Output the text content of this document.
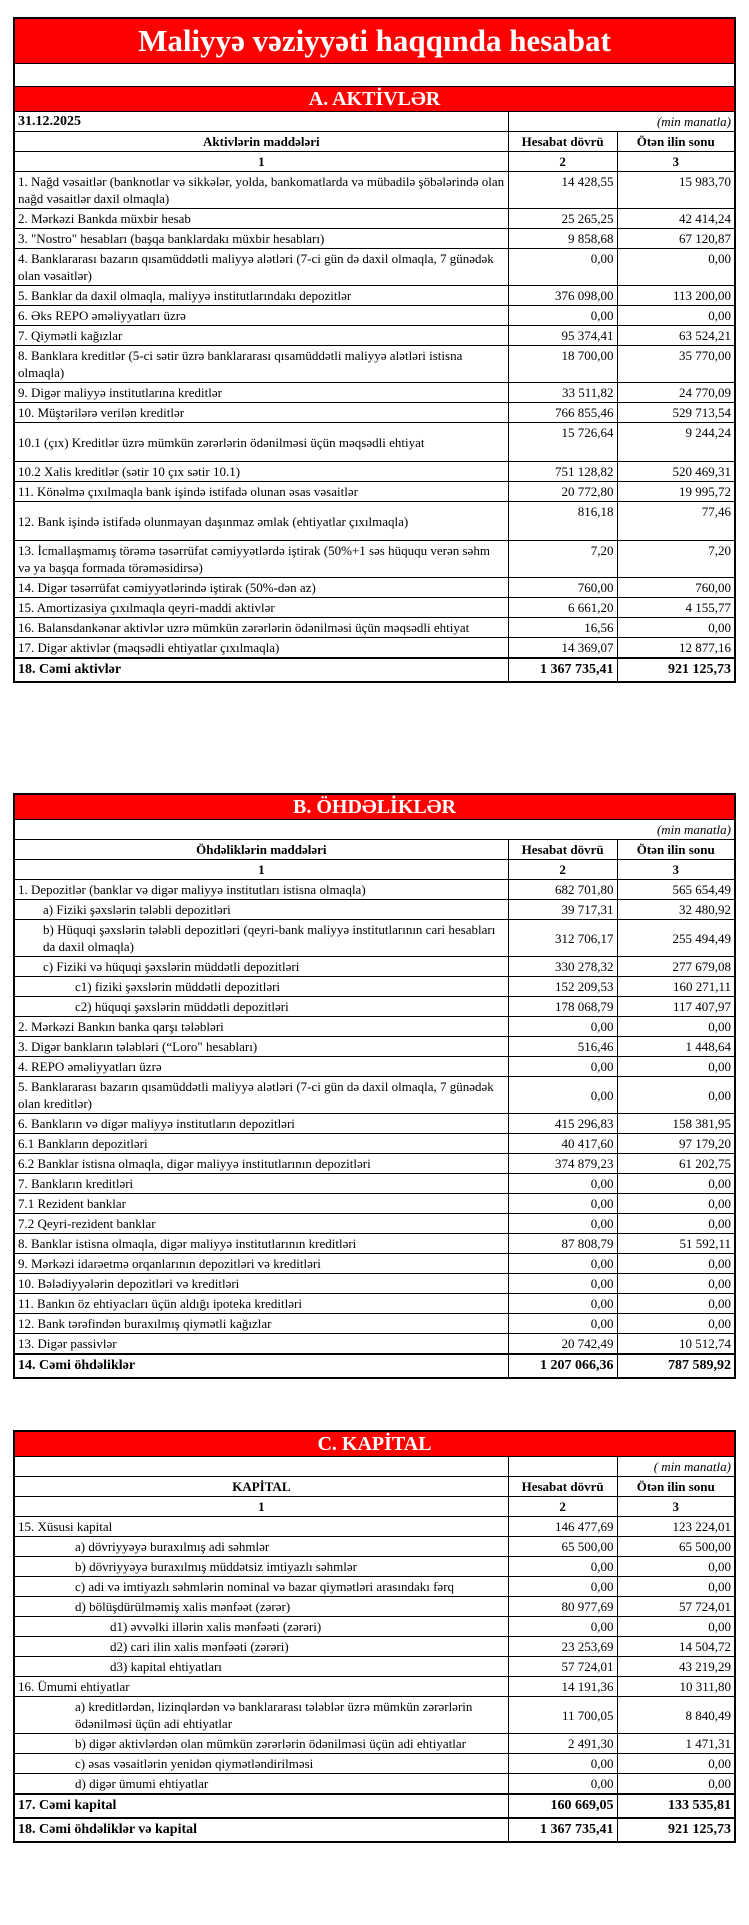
Maliyyə vəziyyəti haqqında hesabat		

A. AKTİVLƏR		
31.12.2025	(min manatla)	
Aktivlərin maddələri	Hesabat dövrü	Ötən ilin sonu
1	2	3
1. Nağd vəsaitlər (banknotlar və sikkələr, yolda, bankomatlarda və mübadilə şöbələrində olan nağd vəsaitlər daxil olmaqla)	14 428,55	15 983,70
2. Mərkəzi Bankda müxbir hesab	25 265,25	42 414,24
3. "Nostro" hesabları (başqa banklardakı müxbir hesabları)	9 858,68	67 120,87
4. Banklararası bazarın qısamüddətli maliyyə alətləri (7-ci gün də daxil olmaqla, 7 günədək olan vəsaitlər)	0,00	0,00
5. Banklar da daxil olmaqla, maliyyə institutlarındakı depozitlər	376 098,00	113 200,00
6. Əks REPO əməliyyatları üzrə	0,00	0,00
7. Qiymətli kağızlar	95 374,41	63 524,21
8. Banklara kreditlər (5-ci sətir üzrə banklararası qısamüddətli maliyyə alətləri istisna olmaqla)	18 700,00	35 770,00
9. Digər maliyyə institutlarına kreditlər	33 511,82	24 770,09
10. Müştərilərə verilən kreditlər	766 855,46	529 713,54
10.1 (çıx) Kreditlər üzrə mümkün zərərlərin ödənilməsi üçün məqsədli ehtiyat	15 726,64	9 244,24
10.2 Xalis kreditlər (sətir 10 çıx sətir 10.1)	751 128,82	520 469,31
11. Könəlmə çıxılmaqla bank işində istifadə olunan əsas vəsaitlər	20 772,80	19 995,72
12. Bank işində istifadə olunmayan daşınmaz əmlak (ehtiyatlar çıxılmaqla)	816,18	77,46
13. İcmallaşmamış törəmə təsərrüfat cəmiyyətlərdə iştirak (50%+1 səs hüququ verən səhm və ya başqa formada törəməsidirsə)	7,20	7,20
14. Digər təsərrüfat cəmiyyətlərində iştirak (50%-dən az)	760,00	760,00
15. Amortizasiya çıxılmaqla qeyri-maddi aktivlər	6 661,20	4 155,77
16. Balansdankənar aktivlər uzrə mümkün zərərlərin ödənilməsi üçün məqsədli ehtiyat	16,56	0,00
17. Digər aktivlər (məqsədli ehtiyatlar çıxılmaqla)	14 369,07	12 877,16
18. Cəmi aktivlər	1 367 735,41	921 125,73
B. ÖHDƏLİKLƏR		
(min manatla)		
Öhdəliklərin maddələri	Hesabat dövrü	Ötən ilin sonu
1	2	3
1. Depozitlər (banklar və digər maliyyə institutları istisna olmaqla)	682 701,80	565 654,49
a) Fiziki şəxslərin tələbli depozitləri	39 717,31	32 480,92
b) Hüquqi şəxslərin tələbli depozitləri (qeyri-bank maliyyə institutlarının cari hesabları da daxil olmaqla)	312 706,17	255 494,49
c) Fiziki və hüquqi şəxslərin müddətli depozitləri	330 278,32	277 679,08
c1) fiziki şəxslərin müddətli depozitləri	152 209,53	160 271,11
c2) hüquqi şəxslərin müddətli depozitləri	178 068,79	117 407,97
2. Mərkəzi Bankın banka qarşı tələbləri	0,00	0,00
3. Digər bankların tələbləri (“Loro" hesabları)	516,46	1 448,64
4. REPO əməliyyatları üzrə	0,00	0,00
5. Banklararası bazarın qısamüddətli maliyyə alətləri (7-ci gün də daxil olmaqla, 7 günədək olan kreditlər)	0,00	0,00
6. Bankların və digər maliyyə institutların depozitləri	415 296,83	158 381,95
6.1 Bankların depozitləri	40 417,60	97 179,20
6.2 Banklar istisna olmaqla, digər maliyyə institutlarının depozitləri	374 879,23	61 202,75
7. Bankların kreditləri	0,00	0,00
7.1 Rezident banklar	0,00	0,00
7.2 Qeyri-rezident banklar	0,00	0,00
8. Banklar istisna olmaqla, digər maliyyə institutlarının kreditləri	87 808,79	51 592,11
9. Mərkəzi idarəetmə orqanlarının depozitləri və kreditləri	0,00	0,00
10. Bələdiyyələrin depozitləri və kreditləri	0,00	0,00
11. Bankın öz ehtiyacları üçün aldığı ipoteka kreditləri	0,00	0,00
12. Bank tərəfindən buraxılmış qiymətli kağızlar	0,00	0,00
13. Digər passivlər	20 742,49	10 512,74
14. Cəmi öhdəliklər	1 207 066,36	787 589,92
C. KAPİTAL		
		( min manatla)
KAPİTAL	Hesabat dövrü	Ötən ilin sonu
1	2	3
15. Xüsusi kapital	146 477,69	123 224,01
a) dövriyyəyə buraxılmış adi səhmlər	65 500,00	65 500,00
b) dövriyyəyə buraxılmış müddətsiz imtiyazlı səhmlər	0,00	0,00
c) adi və imtiyazlı səhmlərin nominal və bazar qiymətləri arasındakı fərq	0,00	0,00
d) bölüşdürülməmiş xalis mənfəət (zərər)	80 977,69	57 724,01
d1) əvvəlki illərin xalis mənfəəti (zərəri)	0,00	0,00
d2) cari ilin xalis mənfəəti (zərəri)	23 253,69	14 504,72
d3) kapital ehtiyatları	57 724,01	43 219,29
16. Ümumi ehtiyatlar	14 191,36	10 311,80
a) kreditlərdən, lizinqlərdən və banklararası tələblər üzrə mümkün zərərlərin ödənilməsi üçün adi ehtiyatlar	11 700,05	8 840,49
b) digər aktivlərdən olan mümkün zərərlərin ödənilməsi üçün adi ehtiyatlar	2 491,30	1 471,31
c) əsas vəsaitlərin yenidən qiymətləndirilməsi	0,00	0,00
d) digər ümumi ehtiyatlar	0,00	0,00
17. Cəmi kapital	160 669,05	133 535,81
18. Cəmi öhdəliklər və kapital	1 367 735,41	921 125,73
